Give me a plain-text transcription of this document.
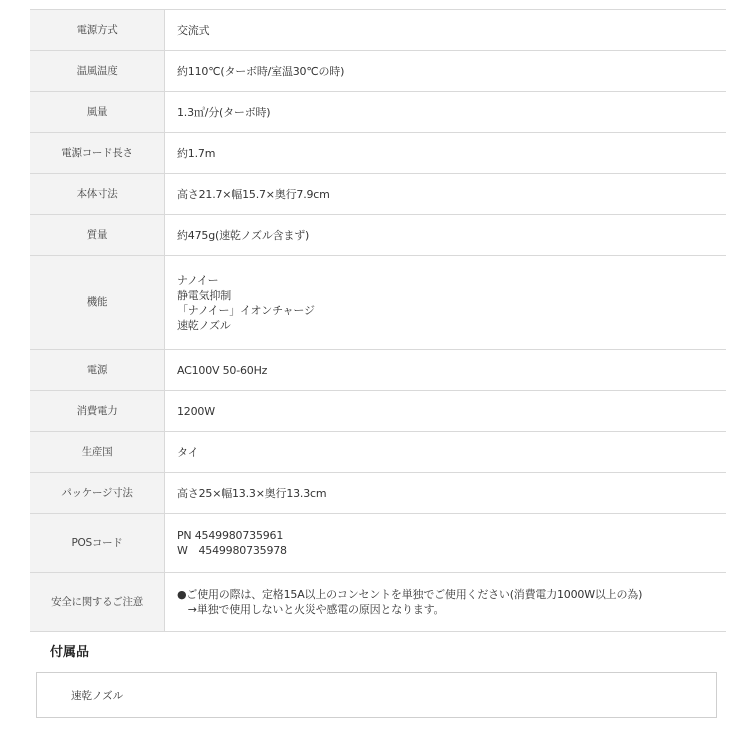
電源方式	交流式

温風温度	約110℃(ターボ時/室温30℃の時)

風量	1.3㎥/分(ターボ時)

電源コード長さ	約1.7m

本体寸法	高さ21.7×幅15.7×奥行7.9cm

質量	約475g(速乾ノズル含まず)

機能	ナノイー
静電気抑制
「ナノイー」イオンチャージ
速乾ノズル

電源	AC100V 50-60Hz

消費電力	1200W

生産国	タイ

パッケージ寸法	高さ25×幅13.3×奥行13.3cm

POSコード	PN 4549980735961
W　4549980735978

安全に関するご注意	●ご使用の際は、定格15A以上のコンセントを単独でご使用ください(消費電力1000W以上の為)
　→単独で使用しないと火災や感電の原因となります。
付属品
速乾ノズル
